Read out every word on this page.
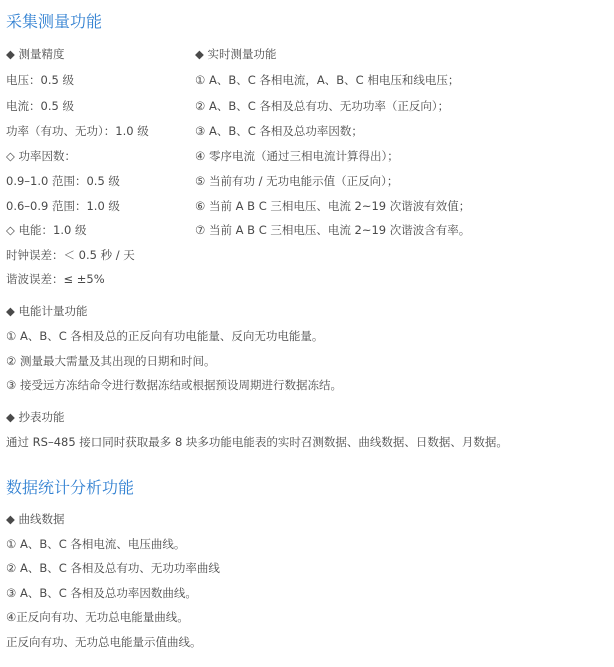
采集测量功能
◆ 测量精度
电压：0.5 级
电流：0.5 级
功率（有功、无功）：1.0 级
◇ 功率因数：
0.9–1.0 范围：0.5 级
0.6–0.9 范围：1.0 级
◇ 电能：1.0 级
时钟误差：＜ 0.5 秒 / 天
谐波误差：≤ ±5%
◆ 实时测量功能
① A、B、C 各相电流，A、B、C 相电压和线电压；
② A、B、C 各相及总有功、无功功率（正反向）；
③ A、B、C 各相及总功率因数；
④ 零序电流（通过三相电流计算得出）；
⑤ 当前有功 / 无功电能示值（正反向）；
⑥ 当前 A B C 三相电压、电流 2~19 次谐波有效值；
⑦ 当前 A B C 三相电压、电流 2~19 次谐波含有率。
◆ 电能计量功能
① A、B、C 各相及总的正反向有功电能量、反向无功电能量。
② 测量最大需量及其出现的日期和时间。
③ 接受远方冻结命令进行数据冻结或根据预设周期进行数据冻结。
◆ 抄表功能
通过 RS–485 接口同时获取最多 8 块多功能电能表的实时召测数据、曲线数据、日数据、月数据。
数据统计分析功能
◆ 曲线数据
① A、B、C 各相电流、电压曲线。
② A、B、C 各相及总有功、无功功率曲线
③ A、B、C 各相及总功率因数曲线。
④正反向有功、无功总电能量曲线。
正反向有功、无功总电能量示值曲线。
